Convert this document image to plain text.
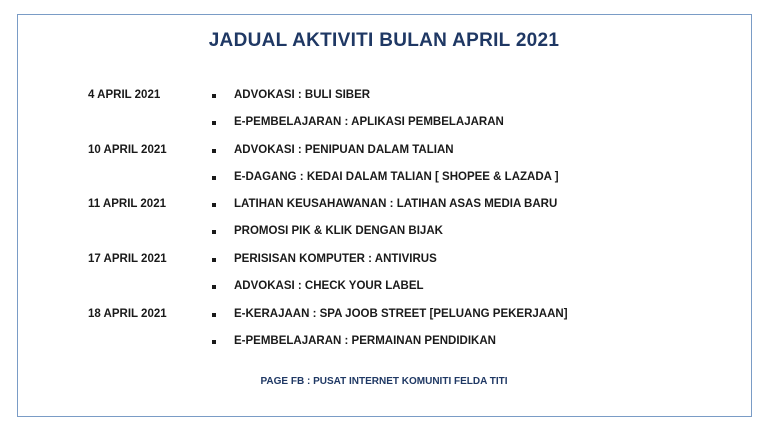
JADUAL AKTIVITI BULAN APRIL 2021
4 APRIL 2021	ADVOKASI : BULI SIBER
E-PEMBELAJARAN : APLIKASI PEMBELAJARAN
10 APRIL 2021	ADVOKASI : PENIPUAN DALAM TALIAN
E-DAGANG : KEDAI DALAM TALIAN [ SHOPEE & LAZADA ]
11 APRIL 2021	LATIHAN KEUSAHAWANAN : LATIHAN ASAS MEDIA BARU
PROMOSI PIK & KLIK DENGAN BIJAK
17 APRIL 2021	PERISISAN KOMPUTER : ANTIVIRUS
ADVOKASI : CHECK YOUR LABEL
18 APRIL 2021	E-KERAJAAN : SPA JOOB STREET [PELUANG PEKERJAAN]
E-PEMBELAJARAN : PERMAINAN PENDIDIKAN
PAGE FB : PUSAT INTERNET KOMUNITI FELDA TITI
